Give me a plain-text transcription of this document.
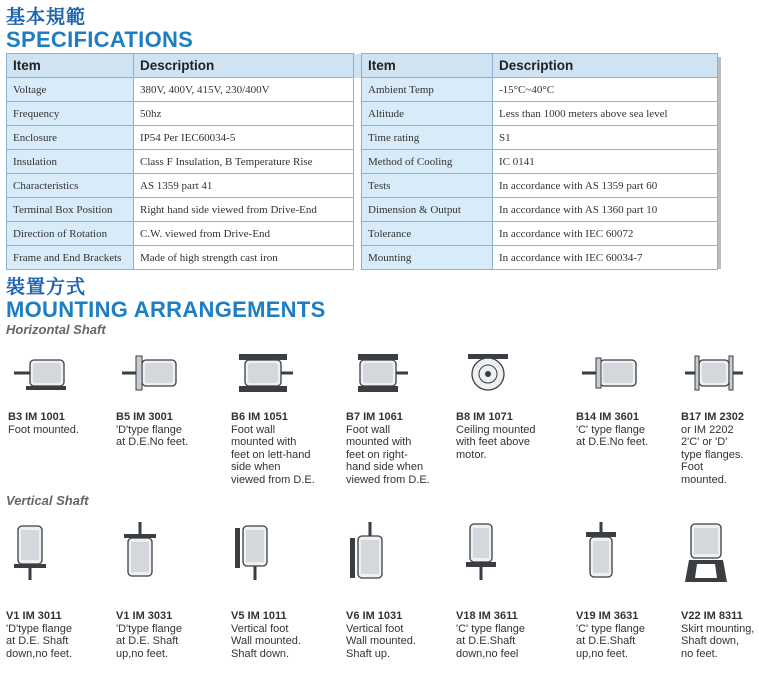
基本規範
SPECIFICATIONS
Item	Description		Item	Description
Voltage	380V, 400V, 415V, 230/400V		Ambient Temp	-15°C~40°C
Frequency	50hz		Altitude	Less than 1000 meters above sea level
Enclosure	IP54 Per IEC60034-5		Time rating	S1
Insulation	Class F Insulation, B Temperature Rise		Method of Cooling	IC 0141
Characteristics	AS 1359 part 41		Tests	In accordance with AS 1359 part 60
Terminal Box Position	Right hand side viewed from Drive-End		Dimension & Output	In accordance with AS 1360 part 10
Direction of Rotation	C.W. viewed from Drive-End		Tolerance	In accordance with IEC 60072
Frame and End Brackets	Made of high strength cast iron		Mounting	In accordance with IEC 60034-7
裝置方式
MOUNTING ARRANGEMENTS
Horizontal Shaft
Vertical Shaft
B3 IM 1001
Foot mounted.
B5 IM 3001
'D'type flange
at D.E.No feet.
B6 IM 1051
Foot wall
mounted with
feet on lett-hand
side when
viewed from D.E.
B7 IM 1061
Foot wall
mounted with
feet on right-
hand side when
viewed from D.E.
B8 IM 1071
Ceiling mounted
with feet above
motor.
B14 IM 3601
'C' type flange
at D.E.No feet.
B17 IM 2302
or IM 2202
2'C' or 'D'
type flanges.
Foot
mounted.
V1 IM 3011
'D'type flange
at D.E. Shaft
down,no feet.
V1 IM 3031
'D'type flange
at D.E. Shaft
up,no feet.
V5 IM 1011
Vertical foot
Wall mounted.
Shaft down.
V6 IM 1031
Vertical foot
Wall mounted.
Shaft up.
V18 IM 3611
'C' type flange
at D.E.Shaft
down,no feel
V19 IM 3631
'C' type flange
at D.E.Shaft
up,no feet.
V22 IM 8311
Skirt mounting,
Shaft down,
no feet.
